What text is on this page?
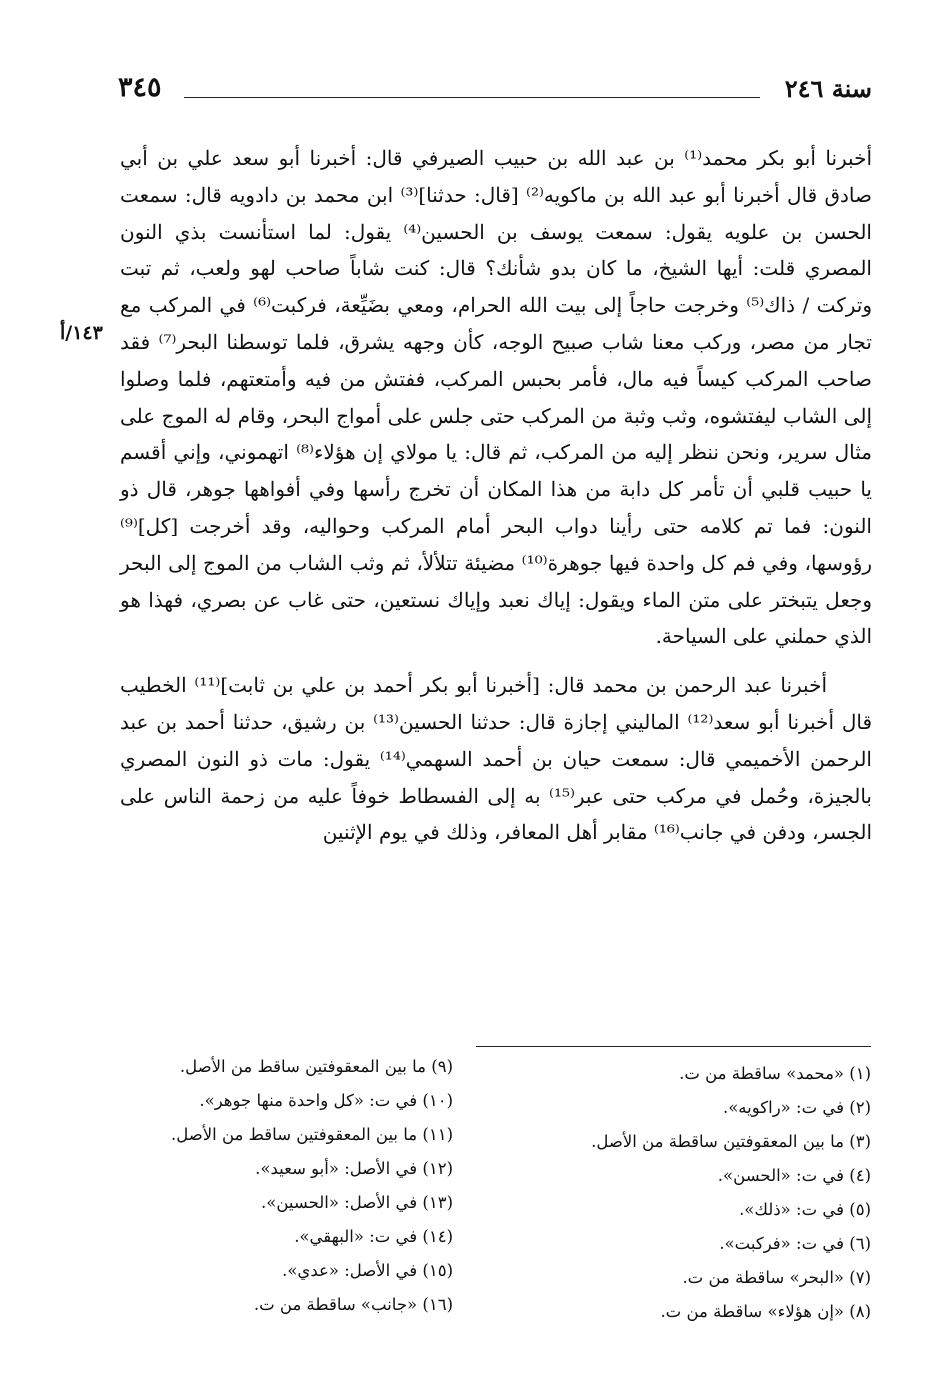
سنة ٢٤٦
٣٤٥
١٤٣/أ

أخبرنا أبو بكر محمد⁽¹⁾ بن عبد الله بن حبيب الصيرفي قال: أخبرنا أبو سعد علي بن أبي صادق قال أخبرنا أبو عبد الله بن ماكويه⁽²⁾ [قال: حدثنا]⁽³⁾ ابن محمد بن دادويه قال: سمعت الحسن بن علويه يقول: سمعت يوسف بن الحسين⁽⁴⁾ يقول: لما استأنست بذي النون المصري قلت: أيها الشيخ، ما كان بدو شأنك؟ قال: كنت شاباً صاحب لهو ولعب، ثم تبت وتركت / ذاك⁽⁵⁾ وخرجت حاجاً إلى بيت الله الحرام، ومعي بضَيِّعة، فركبت⁽⁶⁾ في المركب مع تجار من مصر، وركب معنا شاب صبيح الوجه، كأن وجهه يشرق، فلما توسطنا البحر⁽⁷⁾ فقد صاحب المركب كيساً فيه مال، فأمر بحبس المركب، ففتش من فيه وأمتعتهم، فلما وصلوا إلى الشاب ليفتشوه، وثب وثبة من المركب حتى جلس على أمواج البحر، وقام له الموج على مثال سرير، ونحن ننظر إليه من المركب، ثم قال: يا مولاي إن هؤلاء⁽⁸⁾ اتهموني، وإني أقسم يا حبيب قلبي أن تأمر كل دابة من هذا المكان أن تخرج رأسها وفي أفواهها جوهر، قال ذو النون: فما تم كلامه حتى رأينا دواب البحر أمام المركب وحواليه، وقد أخرجت [كل]⁽⁹⁾ رؤوسها، وفي فم كل واحدة فيها جوهرة⁽¹⁰⁾ مضيئة تتلألأ، ثم وثب الشاب من الموج إلى البحر وجعل يتبختر على متن الماء ويقول: إياك نعبد وإياك نستعين، حتى غاب عن بصري، فهذا هو الذي حملني على السياحة.

أخبرنا عبد الرحمن بن محمد قال: [أخبرنا أبو بكر أحمد بن علي بن ثابت]⁽¹¹⁾ الخطيب قال أخبرنا أبو سعد⁽¹²⁾ الماليني إجازة قال: حدثنا الحسين⁽¹³⁾ بن رشيق، حدثنا أحمد بن عبد الرحمن الأخميمي قال: سمعت حيان بن أحمد السهمي⁽¹⁴⁾ يقول: مات ذو النون المصري بالجيزة، وحُمل في مركب حتى عبر⁽¹⁵⁾ به إلى الفسطاط خوفاً عليه من زحمة الناس على الجسر، ودفن في جانب⁽¹⁶⁾ مقابر أهل المعافر، وذلك في يوم الإثنين

(١) «محمد» ساقطة من ت.
(٢) في ت: «راكويه».
(٣) ما بين المعقوفتين ساقطة من الأصل.
(٤) في ت: «الحسن».
(٥) في ت: «ذلك».
(٦) في ت: «فركبت».
(٧) «البحر» ساقطة من ت.
(٨) «إن هؤلاء» ساقطة من ت.
(٩) ما بين المعقوفتين ساقط من الأصل.
(١٠) في ت: «كل واحدة منها جوهر».
(١١) ما بين المعقوفتين ساقط من الأصل.
(١٢) في الأصل: «أبو سعيد».
(١٣) في الأصل: «الحسين».
(١٤) في ت: «البهقي».
(١٥) في الأصل: «عدي».
(١٦) «جانب» ساقطة من ت.
